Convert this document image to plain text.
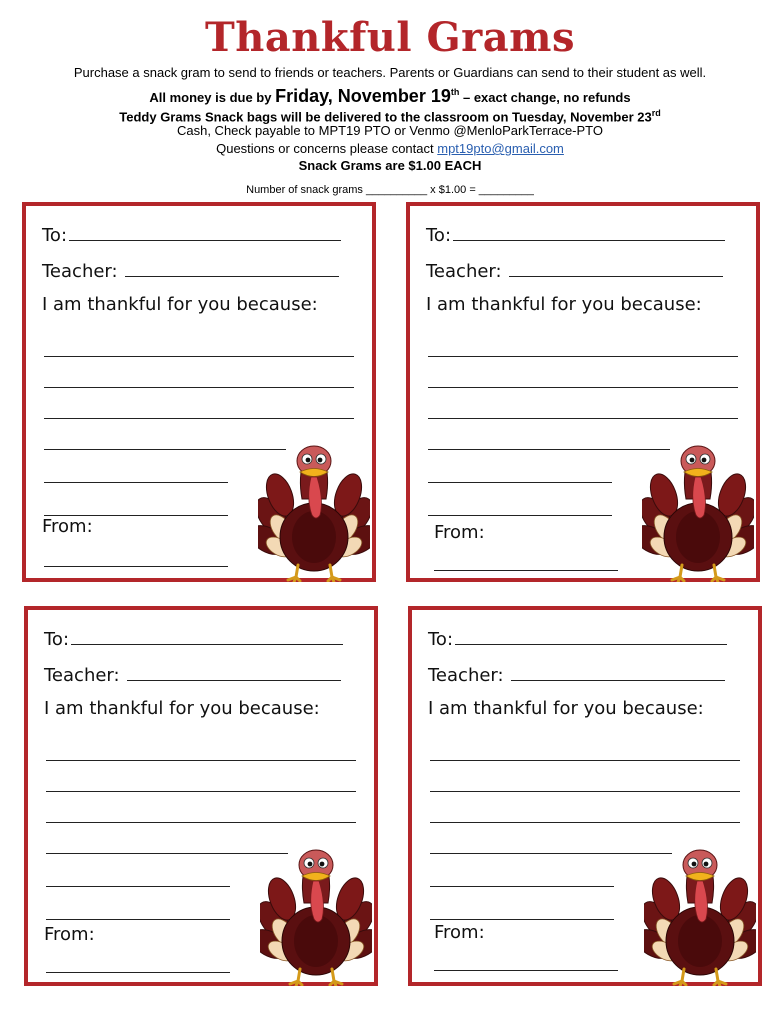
Thankful Grams
Purchase a snack gram to send to friends or teachers. Parents or Guardians can send to their student as well.
All money is due by Friday, November 19th – exact change, no refunds
Teddy Grams Snack bags will be delivered to the classroom on Tuesday, November 23rd
Cash, Check payable to MPT19 PTO or Venmo @MenloParkTerrace-PTO
Questions or concerns please contact mpt19pto@gmail.com
Snack Grams are $1.00 EACH
Number of snack grams __________ x $1.00 = _________
To:
Teacher:
I am thankful for you because:
From:
To:
Teacher:
I am thankful for you because:
From:
To:
Teacher:
I am thankful for you because:
From:
To:
Teacher:
I am thankful for you because:
From:
